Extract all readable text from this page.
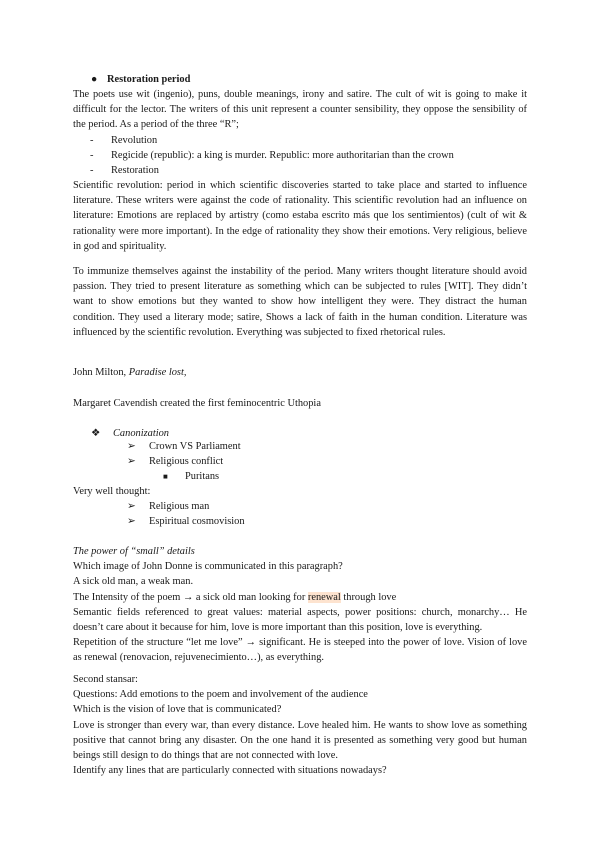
● Restoration period
The poets use wit (ingenio), puns, double meanings, irony and satire. The cult of wit is going to make it difficult for the lector. The writers of this unit represent a counter sensibility, they oppose the sensibility of the period. As a period of the three “R”;
- Revolution
- Regicide (republic): a king is murder. Republic: more authoritarian than the crown
- Restoration
Scientific revolution: period in which scientific discoveries started to take place and started to influence literature. These writers were against the code of rationality. This scientific revolution had an influence on literature: Emotions are replaced by artistry (como estaba escrito más que los sentimientos) (cult of wit & rationality were more important). In the edge of rationality they show their emotions. Very religious, believe in god and spirituality.
To immunize themselves against the instability of the period. Many writers thought literature should avoid passion. They tried to present literature as something which can be subjected to rules [WIT]. They didn’t want to show emotions but they wanted to show how intelligent they were. They distract the human condition. They used a literary mode; satire, Shows a lack of faith in the human condition. Literature was influenced by the scientific revolution. Everything was subjected to fixed rhetorical rules.
John Milton, Paradise lost,
Margaret Cavendish created the first feminocentric Uthopia
❖ Canonization
➢ Crown VS Parliament
➢ Religious conflict
■ Puritans
Very well thought:
➢ Religious man
➢ Espiritual cosmovision
The power of “small” details
Which image of John Donne is communicated in this paragraph?
A sick old man, a weak man.
The Intensity of the poem → a sick old man looking for renewal through love
Semantic fields referenced to great values: material aspects, power positions: church, monarchy… He doesn’t care about it because for him, love is more important than this position, love is everything.
Repetition of the structure “let me love” → significant. He is steeped into the power of love. Vision of love as renewal (renovacion, rejuvenecimiento…), as everything.
Second stansar:
Questions: Add emotions to the poem and involvement of the audience
Which is the vision of love that is communicated?
Love is stronger than every war, than every distance. Love healed him. He wants to show love as something positive that cannot bring any disaster. On the one hand it is presented as something very good but human beings still design to do things that are not connected with love.
Identify any lines that are particularly connected with situations nowadays?
